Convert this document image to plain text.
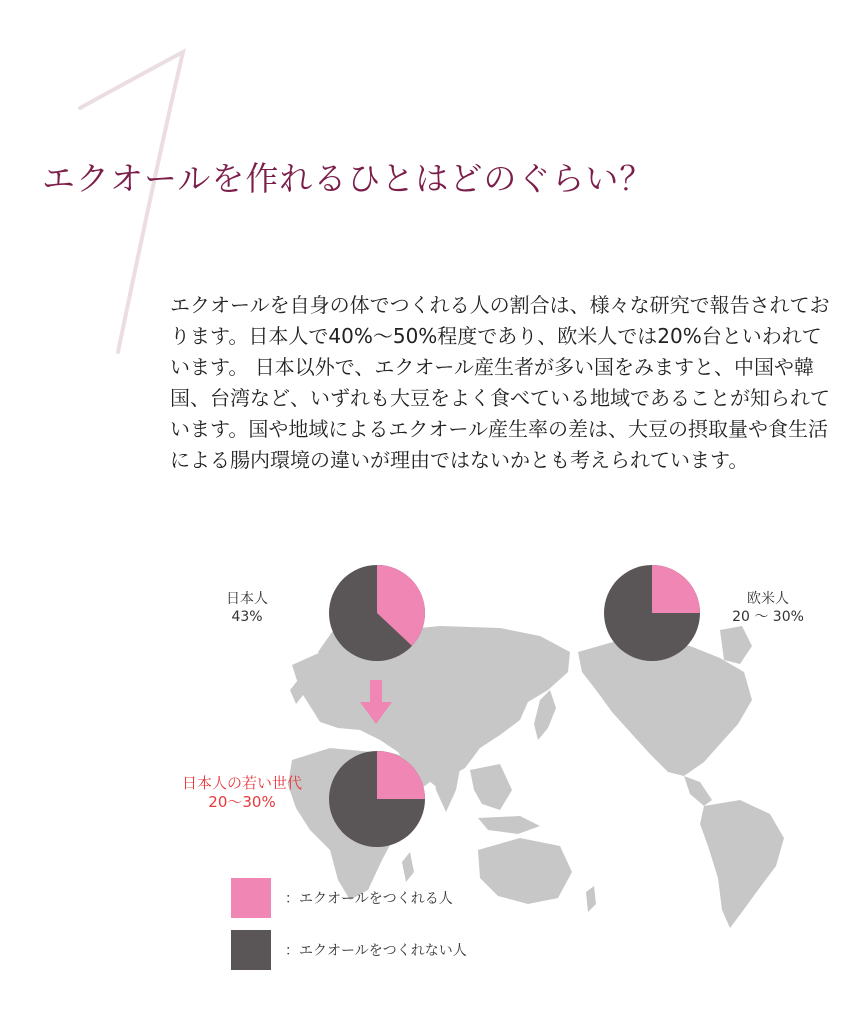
エクオールを作れるひとはどのぐらい？

エクオールを自身の体でつくれる人の割合は、様々な研究で報告されております。日本人で40%〜50%程度であり、欧米人では20%台といわれています。 日本以外で、エクオール産生者が多い国をみますと、中国や韓国、台湾など、いずれも大豆をよく食べている地域であることが知られています。国や地域によるエクオール産生率の差は、大豆の摂取量や食生活による腸内環境の違いが理由ではないかとも考えられています。

日本人
43%
欧米人
20 〜 30%
日本人の若い世代
20〜30%
：エクオールをつくれる人
：エクオールをつくれない人
